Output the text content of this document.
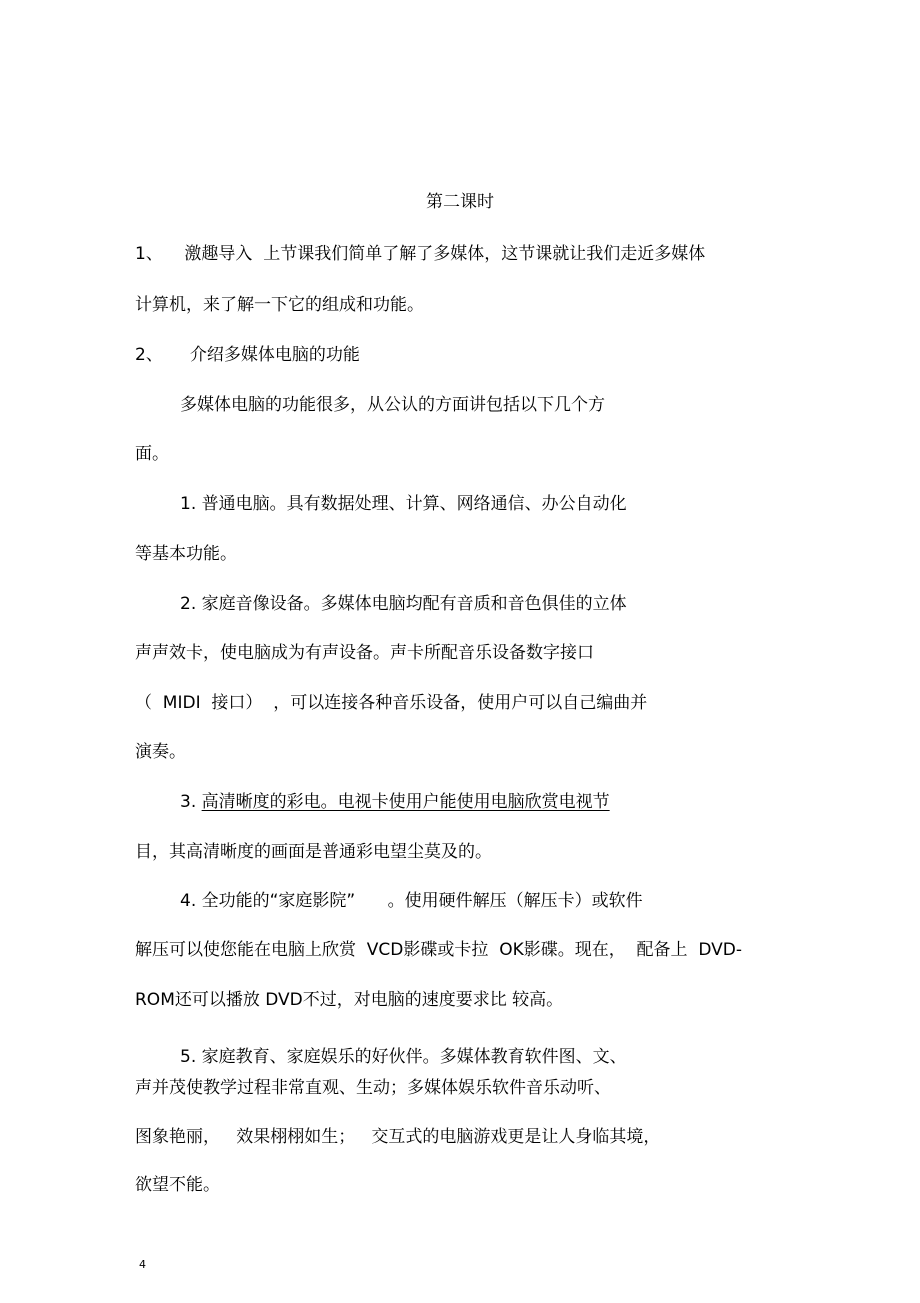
第二课时
1、    激趣导入  上节课我们简单了解了多媒体，这节课就让我们走近多媒体
计算机，来了解一下它的组成和功能。
2、     介绍多媒体电脑的功能
多媒体电脑的功能很多，从公认的方面讲包括以下几个方
面。
1. 普通电脑。具有数据处理、计算、网络通信、办公自动化
等基本功能。
2. 家庭音像设备。多媒体电脑均配有音质和音色俱佳的立体
声声效卡，使电脑成为有声设备。声卡所配音乐设备数字接口
（  MIDI  接口）  ，可以连接各种音乐设备，使用户可以自己编曲并
演奏。
3. 高清晰度的彩电。电视卡使用户能使用电脑欣赏电视节
目，其高清晰度的画面是普通彩电望尘莫及的。
4. 全功能的“家庭影院”      。使用硬件解压（解压卡）或软件
解压可以使您能在电脑上欣赏  VCD影碟或卡拉  OK影碟。现在，  配备上  DVD-
ROM还可以播放 DVD不过，对电脑的速度要求比 较高。
5. 家庭教育、家庭娱乐的好伙伴。多媒体教育软件图、文、
声并茂使教学过程非常直观、生动；多媒体娱乐软件音乐动听、
图象艳丽，   效果栩栩如生；   交互式的电脑游戏更是让人身临其境，
欲望不能。
4
